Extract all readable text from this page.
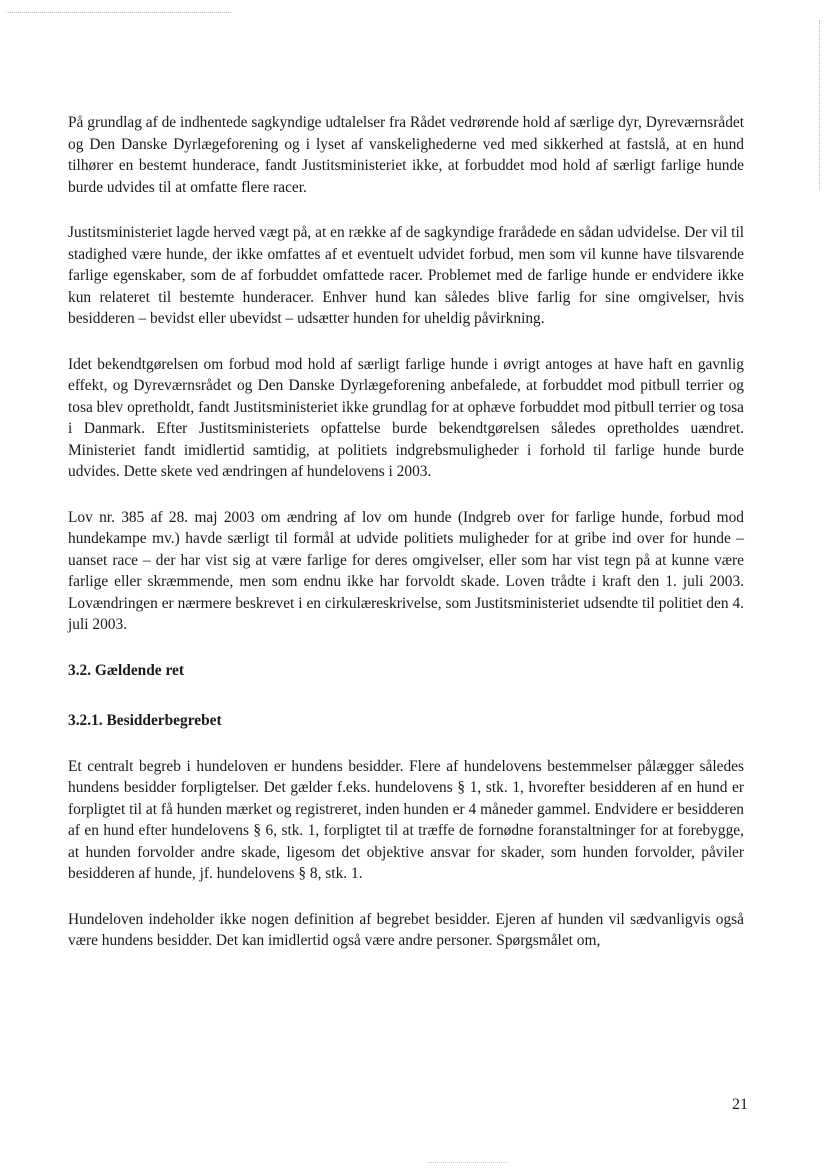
På grundlag af de indhentede sagkyndige udtalelser fra Rådet vedrørende hold af særlige dyr, Dyreværnsrådet og Den Danske Dyrlægeforening og i lyset af vanskelighederne ved med sikkerhed at fastslå, at en hund tilhører en bestemt hunderace, fandt Justitsministeriet ikke, at forbuddet mod hold af særligt farlige hunde burde udvides til at omfatte flere racer.

Justitsministeriet lagde herved vægt på, at en række af de sagkyndige frarådede en sådan udvidelse. Der vil til stadighed være hunde, der ikke omfattes af et eventuelt udvidet forbud, men som vil kunne have tilsvarende farlige egenskaber, som de af forbuddet omfattede racer. Problemet med de farlige hunde er endvidere ikke kun relateret til bestemte hunderacer. Enhver hund kan således blive farlig for sine omgivelser, hvis besidderen – bevidst eller ubevidst – udsætter hunden for uheldig påvirkning.

Idet bekendtgørelsen om forbud mod hold af særligt farlige hunde i øvrigt antoges at have haft en gavnlig effekt, og Dyreværnsrådet og Den Danske Dyrlægeforening anbefalede, at forbuddet mod pitbull terrier og tosa blev opretholdt, fandt Justitsministeriet ikke grundlag for at ophæve forbuddet mod pitbull terrier og tosa i Danmark. Efter Justitsministeriets opfattelse burde bekendtgørelsen således opretholdes uændret. Ministeriet fandt imidlertid samtidig, at politiets indgrebsmuligheder i forhold til farlige hunde burde udvides. Dette skete ved ændringen af hundelovens i 2003.

Lov nr. 385 af 28. maj 2003 om ændring af lov om hunde (Indgreb over for farlige hunde, forbud mod hundekampe mv.) havde særligt til formål at udvide politiets muligheder for at gribe ind over for hunde – uanset race – der har vist sig at være farlige for deres omgivelser, eller som har vist tegn på at kunne være farlige eller skræmmende, men som endnu ikke har forvoldt skade. Loven trådte i kraft den 1. juli 2003. Lovændringen er nærmere beskrevet i en cirkulæreskrivelse, som Justitsministeriet udsendte til politiet den 4. juli 2003.

3.2. Gældende ret
3.2.1. Besidderbegrebet

Et centralt begreb i hundeloven er hundens besidder. Flere af hundelovens bestemmelser pålægger således hundens besidder forpligtelser. Det gælder f.eks. hundelovens § 1, stk. 1, hvorefter besidderen af en hund er forpligtet til at få hunden mærket og registreret, inden hunden er 4 måneder gammel. Endvidere er besidderen af en hund efter hundelovens § 6, stk. 1, forpligtet til at træffe de fornødne foranstaltninger for at forebygge, at hunden forvolder andre skade, ligesom det objektive ansvar for skader, som hunden forvolder, påviler besidderen af hunde, jf. hundelovens § 8, stk. 1.

Hundeloven indeholder ikke nogen definition af begrebet besidder. Ejeren af hunden vil sædvanligvis også være hundens besidder. Det kan imidlertid også være andre personer. Spørgsmålet om,

21
